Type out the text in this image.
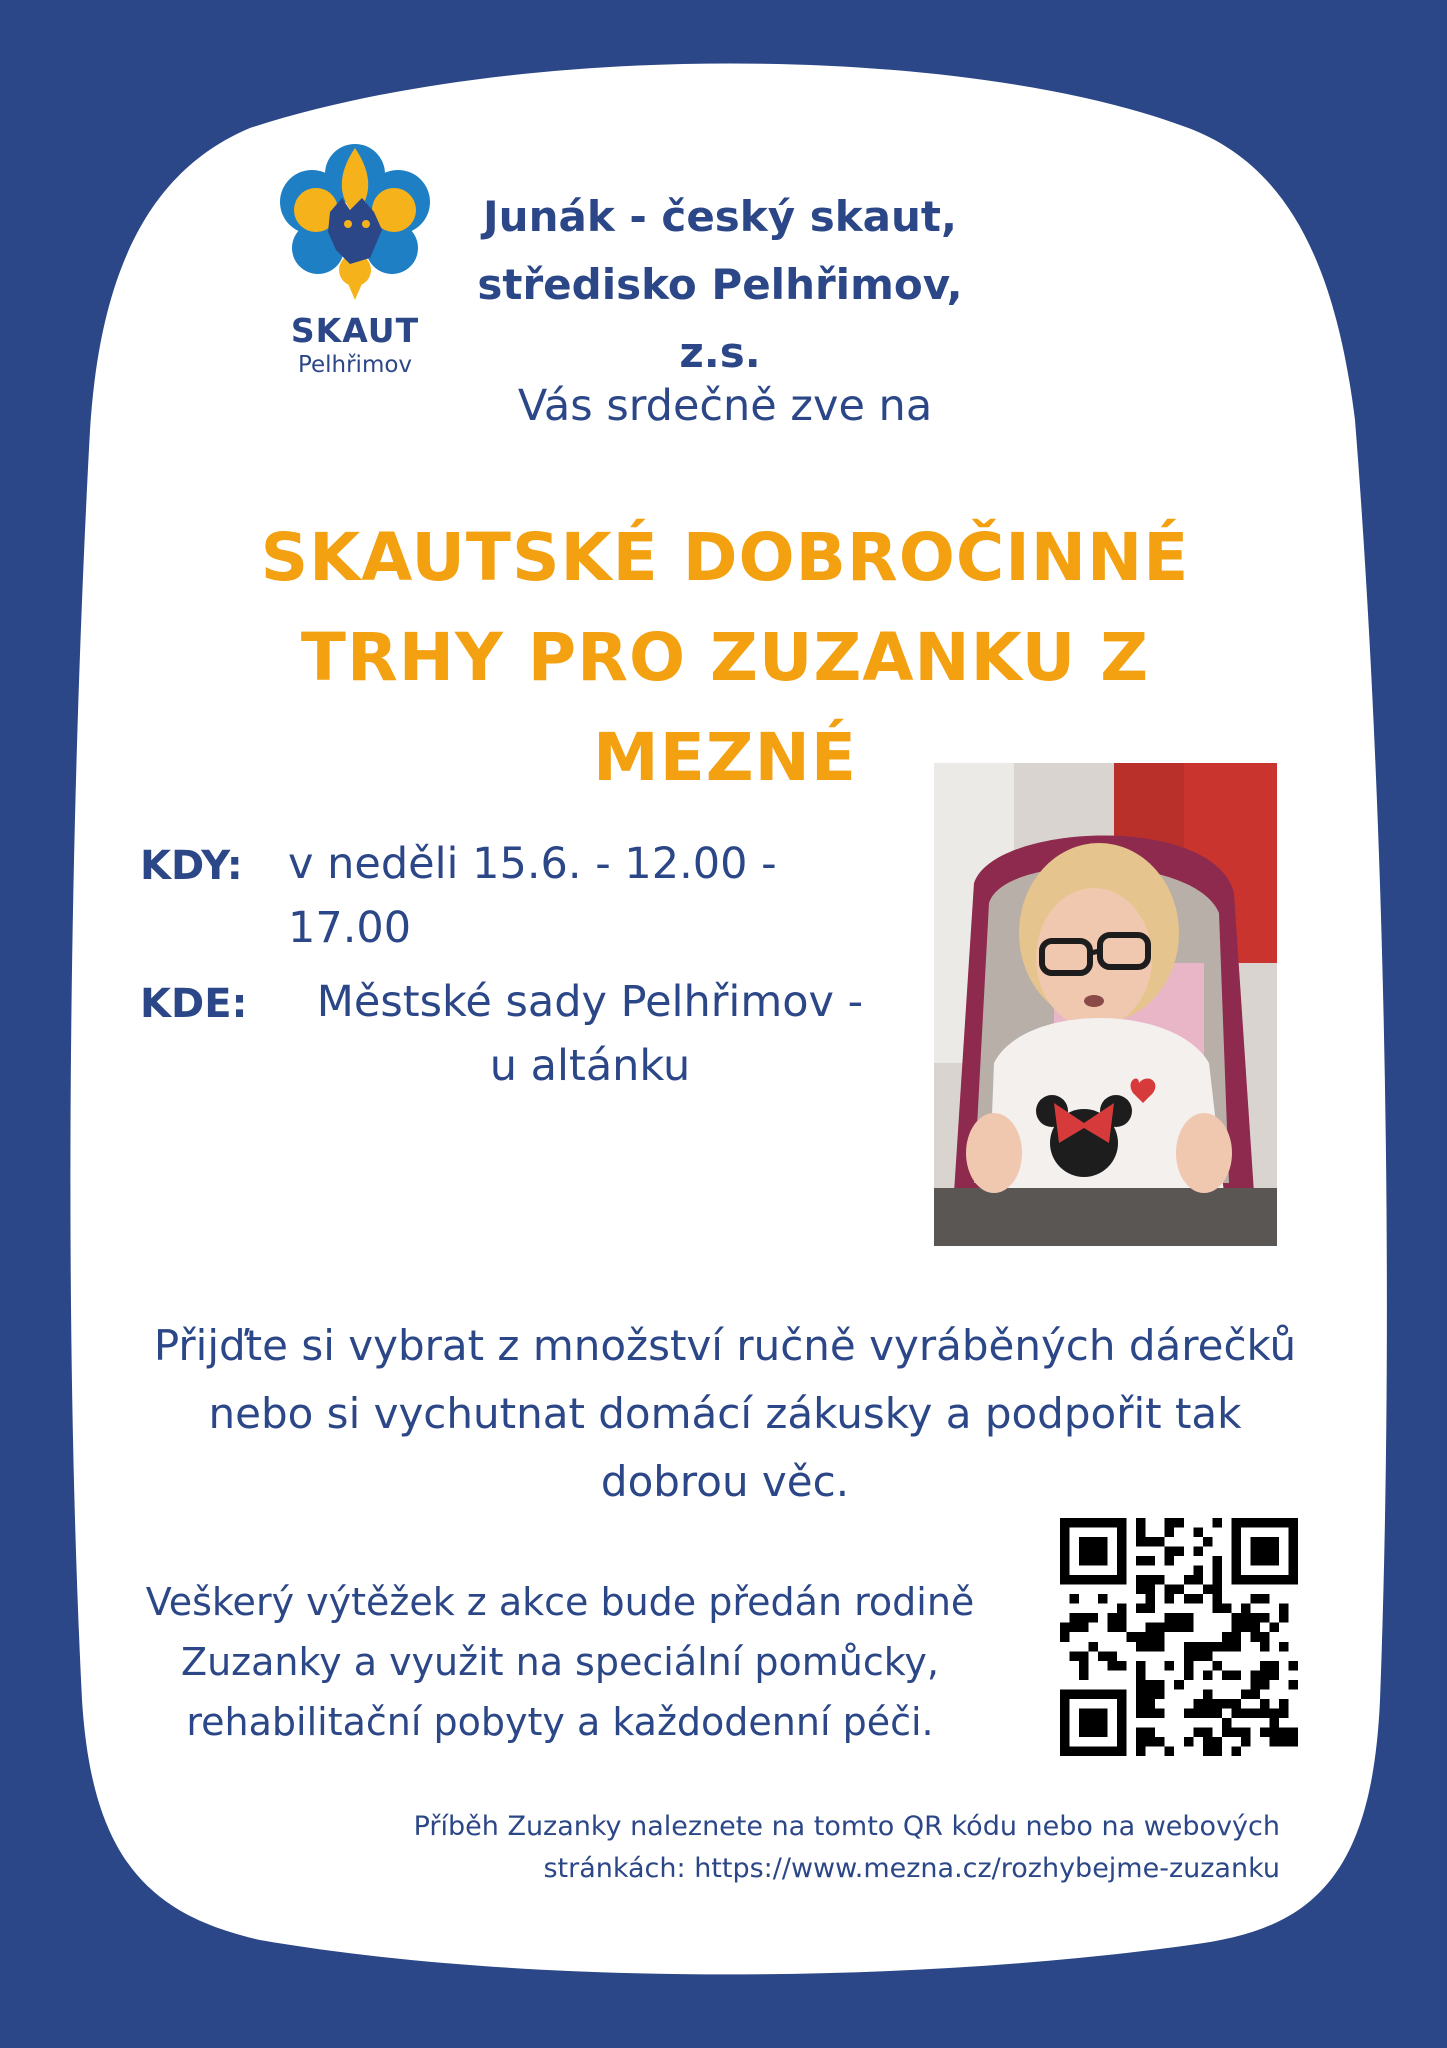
SKAUT
Pelhřimov
Junák - český skaut,
středisko Pelhřimov, z.s.
Vás srdečně zve na
SKAUTSKÉ DOBROČINNÉ
TRHY PRO ZUZANKU Z
MEZNÉ
KDY: v neděli 15.6. - 12.00 - 17.00
KDE:	Městské sady Pelhřimov -
u altánku
Přijďte si vybrat z množství ručně vyráběných dárečků
nebo si vychutnat domácí zákusky a podpořit tak
dobrou věc.
Veškerý výtěžek z akce bude předán rodině
Zuzanky a využit na speciální pomůcky,
rehabilitační pobyty a každodenní péči.
Příběh Zuzanky naleznete na tomto QR kódu nebo na webových
stránkách: https://www.mezna.cz/rozhybejme-zuzanku
